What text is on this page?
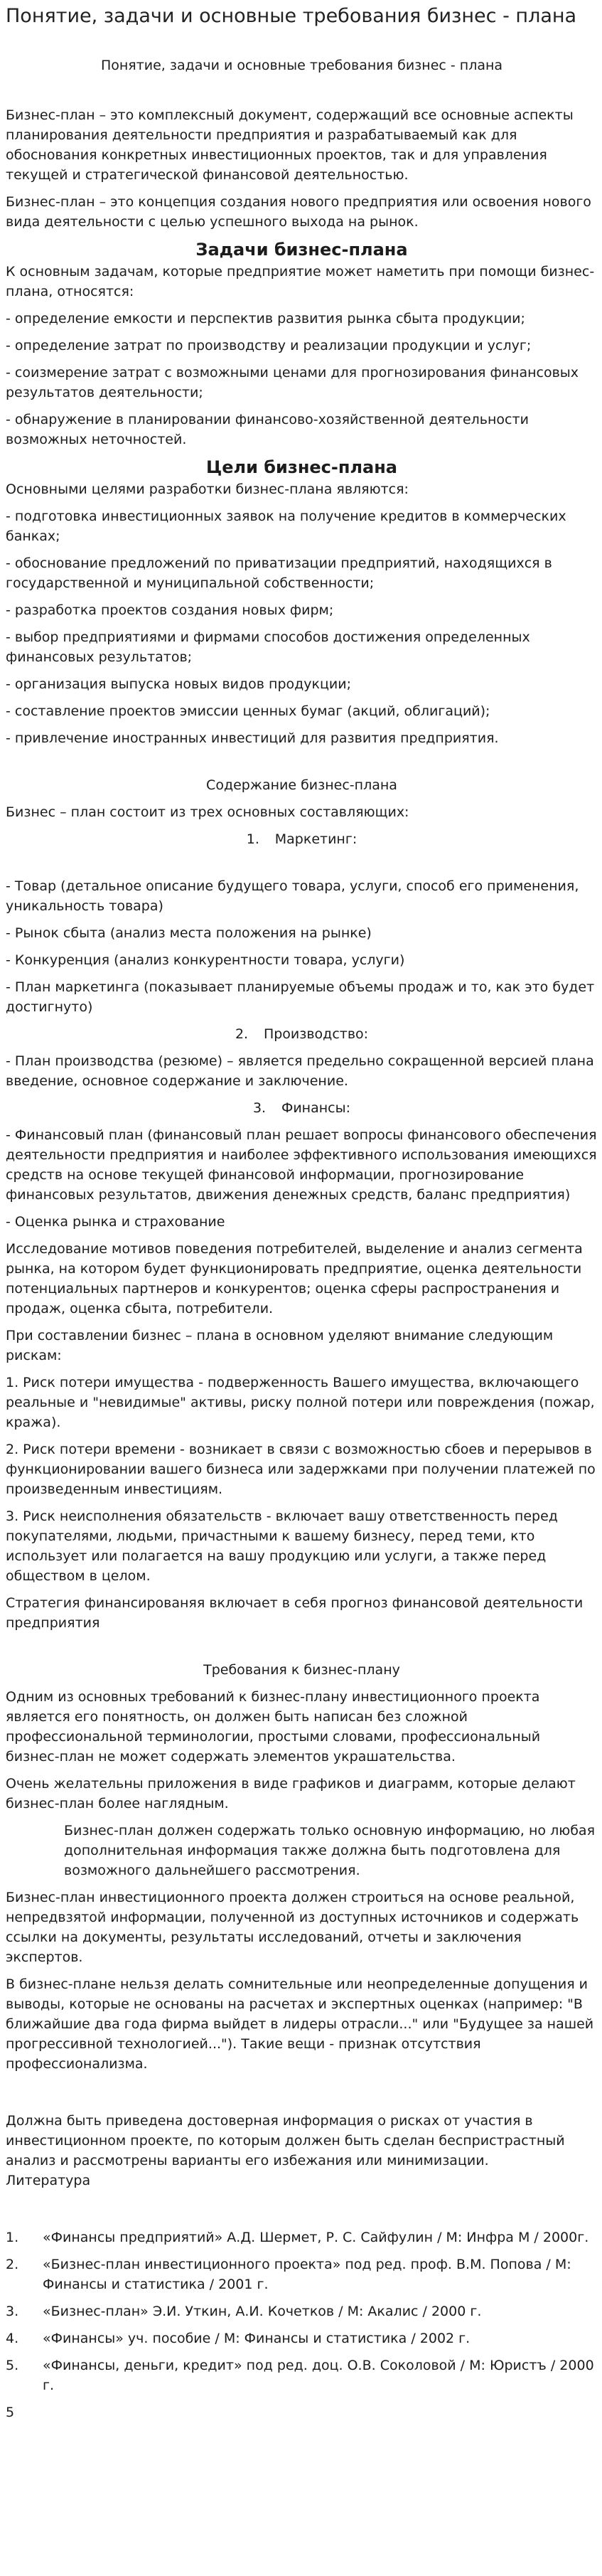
Понятие, задачи и основные требования бизнес - плана

Понятие, задачи и основные требования бизнес - плана

Бизнес-план – это комплексный документ, содержащий все основные аспекты планирования деятельности предприятия и разрабатываемый как для обоснования конкретных инвестиционных проектов, так и для управления текущей и стратегической финансовой деятельностью.

Бизнес-план – это концепция создания нового предприятия или освоения нового вида деятельности с целью успешного выхода на рынок.

Задачи бизнес-плана

К основным задачам, которые предприятие может наметить при помощи бизнес-плана, относятся:

- определение емкости и перспектив развития рынка сбыта продукции;

- определение затрат по производству и реализации продукции и услуг;

- соизмерение затрат с возможными ценами для прогнозирования финансовых результатов деятельности;

- обнаружение в планировании финансово-хозяйственной деятельности возможных неточностей.

Цели бизнес-плана

Основными целями разработки бизнес-плана являются:

- подготовка инвестиционных заявок на получение кредитов в коммерческих банках;

- обоснование предложений по приватизации предприятий, находящихся в государственной и муниципальной собственности;

- разработка проектов создания новых фирм;

- выбор предприятиями и фирмами способов достижения определенных финансовых результатов;

- организация выпуска новых видов продукции;

- составление проектов эмиссии ценных бумаг (акций, облигаций);

- привлечение иностранных инвестиций для развития предприятия.

Содержание бизнес-плана

Бизнес – план состоит из трех основных составляющих:

1. Маркетинг:

- Товар (детальное описание будущего товара, услуги, способ его применения, уникальность товара)

- Рынок сбыта (анализ места положения на рынке)

- Конкуренция (анализ конкурентности товара, услуги)

- План маркетинга (показывает планируемые объемы продаж и то, как это будет достигнуто)

2. Производство:

- План производства (резюме) – является предельно сокращенной версией плана введение, основное содержание и заключение.

3. Финансы:

- Финансовый план (финансовый план решает вопросы финансового обеспечения деятельности предприятия и наиболее эффективного использования имеющихся средств на основе текущей финансовой информации, прогнозирование финансовых результатов, движения денежных средств, баланс предприятия)

- Оценка рынка и страхование

Исследование мотивов поведения потребителей, выделение и анализ сегмента рынка, на котором будет функционировать предприятие, оценка деятельности потенциальных партнеров и конкурентов; оценка сферы распространения и продаж, оценка сбыта, потребители.

При составлении бизнес – плана в основном уделяют внимание следующим рискам:

1. Риск потери имущества - подверженность Вашего имущества, включающего реальные и "невидимые" активы, риску полной потери или повреждения (пожар, кража).

2. Риск потери времени - возникает в связи с возможностью сбоев и перерывов в функционировании вашего бизнеса или задержками при получении платежей по произведенным инвестициям.

3. Риск неисполнения обязательств - включает вашу ответственность перед покупателями, людьми, причастными к вашему бизнесу, перед теми, кто использует или полагается на вашу продукцию или услуги, а также перед обществом в целом.

Стратегия финансированяя включает в себя прогноз финансовой деятельности предприятия

Требования к бизнес-плану

Одним из основных требований к бизнес-плану инвестиционного проекта является его понятность, он должен быть написан без сложной профессиональной терминологии, простыми словами, профессиональный бизнес-план не может содержать элементов украшательства.

Очень желательны приложения в виде графиков и диаграмм, которые делают бизнес-план более наглядным.

Бизнес-план должен содержать только основную информацию, но любая дополнительная информация также должна быть подготовлена для возможного дальнейшего рассмотрения.

Бизнес-план инвестиционного проекта должен строиться на основе реальной, непредвзятой информации, полученной из доступных источников и содержать ссылки на документы, результаты исследований, отчеты и заключения экспертов.

В бизнес-плане нельзя делать сомнительные или неопределенные допущения и выводы, которые не основаны на расчетах и экспертных оценках (например: "В ближайшие два года фирма выйдет в лидеры отрасли..." или "Будущее за нашей прогрессивной технологией..."). Такие вещи - признак отсутствия профессионализма.

Должна быть приведена достоверная информация о рисках от участия в инвестиционном проекте, по которым должен быть сделан беспристрастный анализ и рассмотрены варианты его избежания или минимизации.

Литература

1.	«Финансы предприятий» А.Д. Шермет, Р. С. Сайфулин / М: Инфра М / 2000г.
2.	«Бизнес-план инвестиционного проекта» под ред. проф. В.М. Попова / М: Финансы и статистика / 2001 г.
3.	«Бизнес-план» Э.И. Уткин, А.И. Кочетков / М: Акалис / 2000 г.
4.	«Финансы» уч. пособие / М: Финансы и статистика / 2002 г.
5.	«Финансы, деньги, кредит» под ред. доц. О.В. Соколовой / М: Юристъ / 2000 г.

5
